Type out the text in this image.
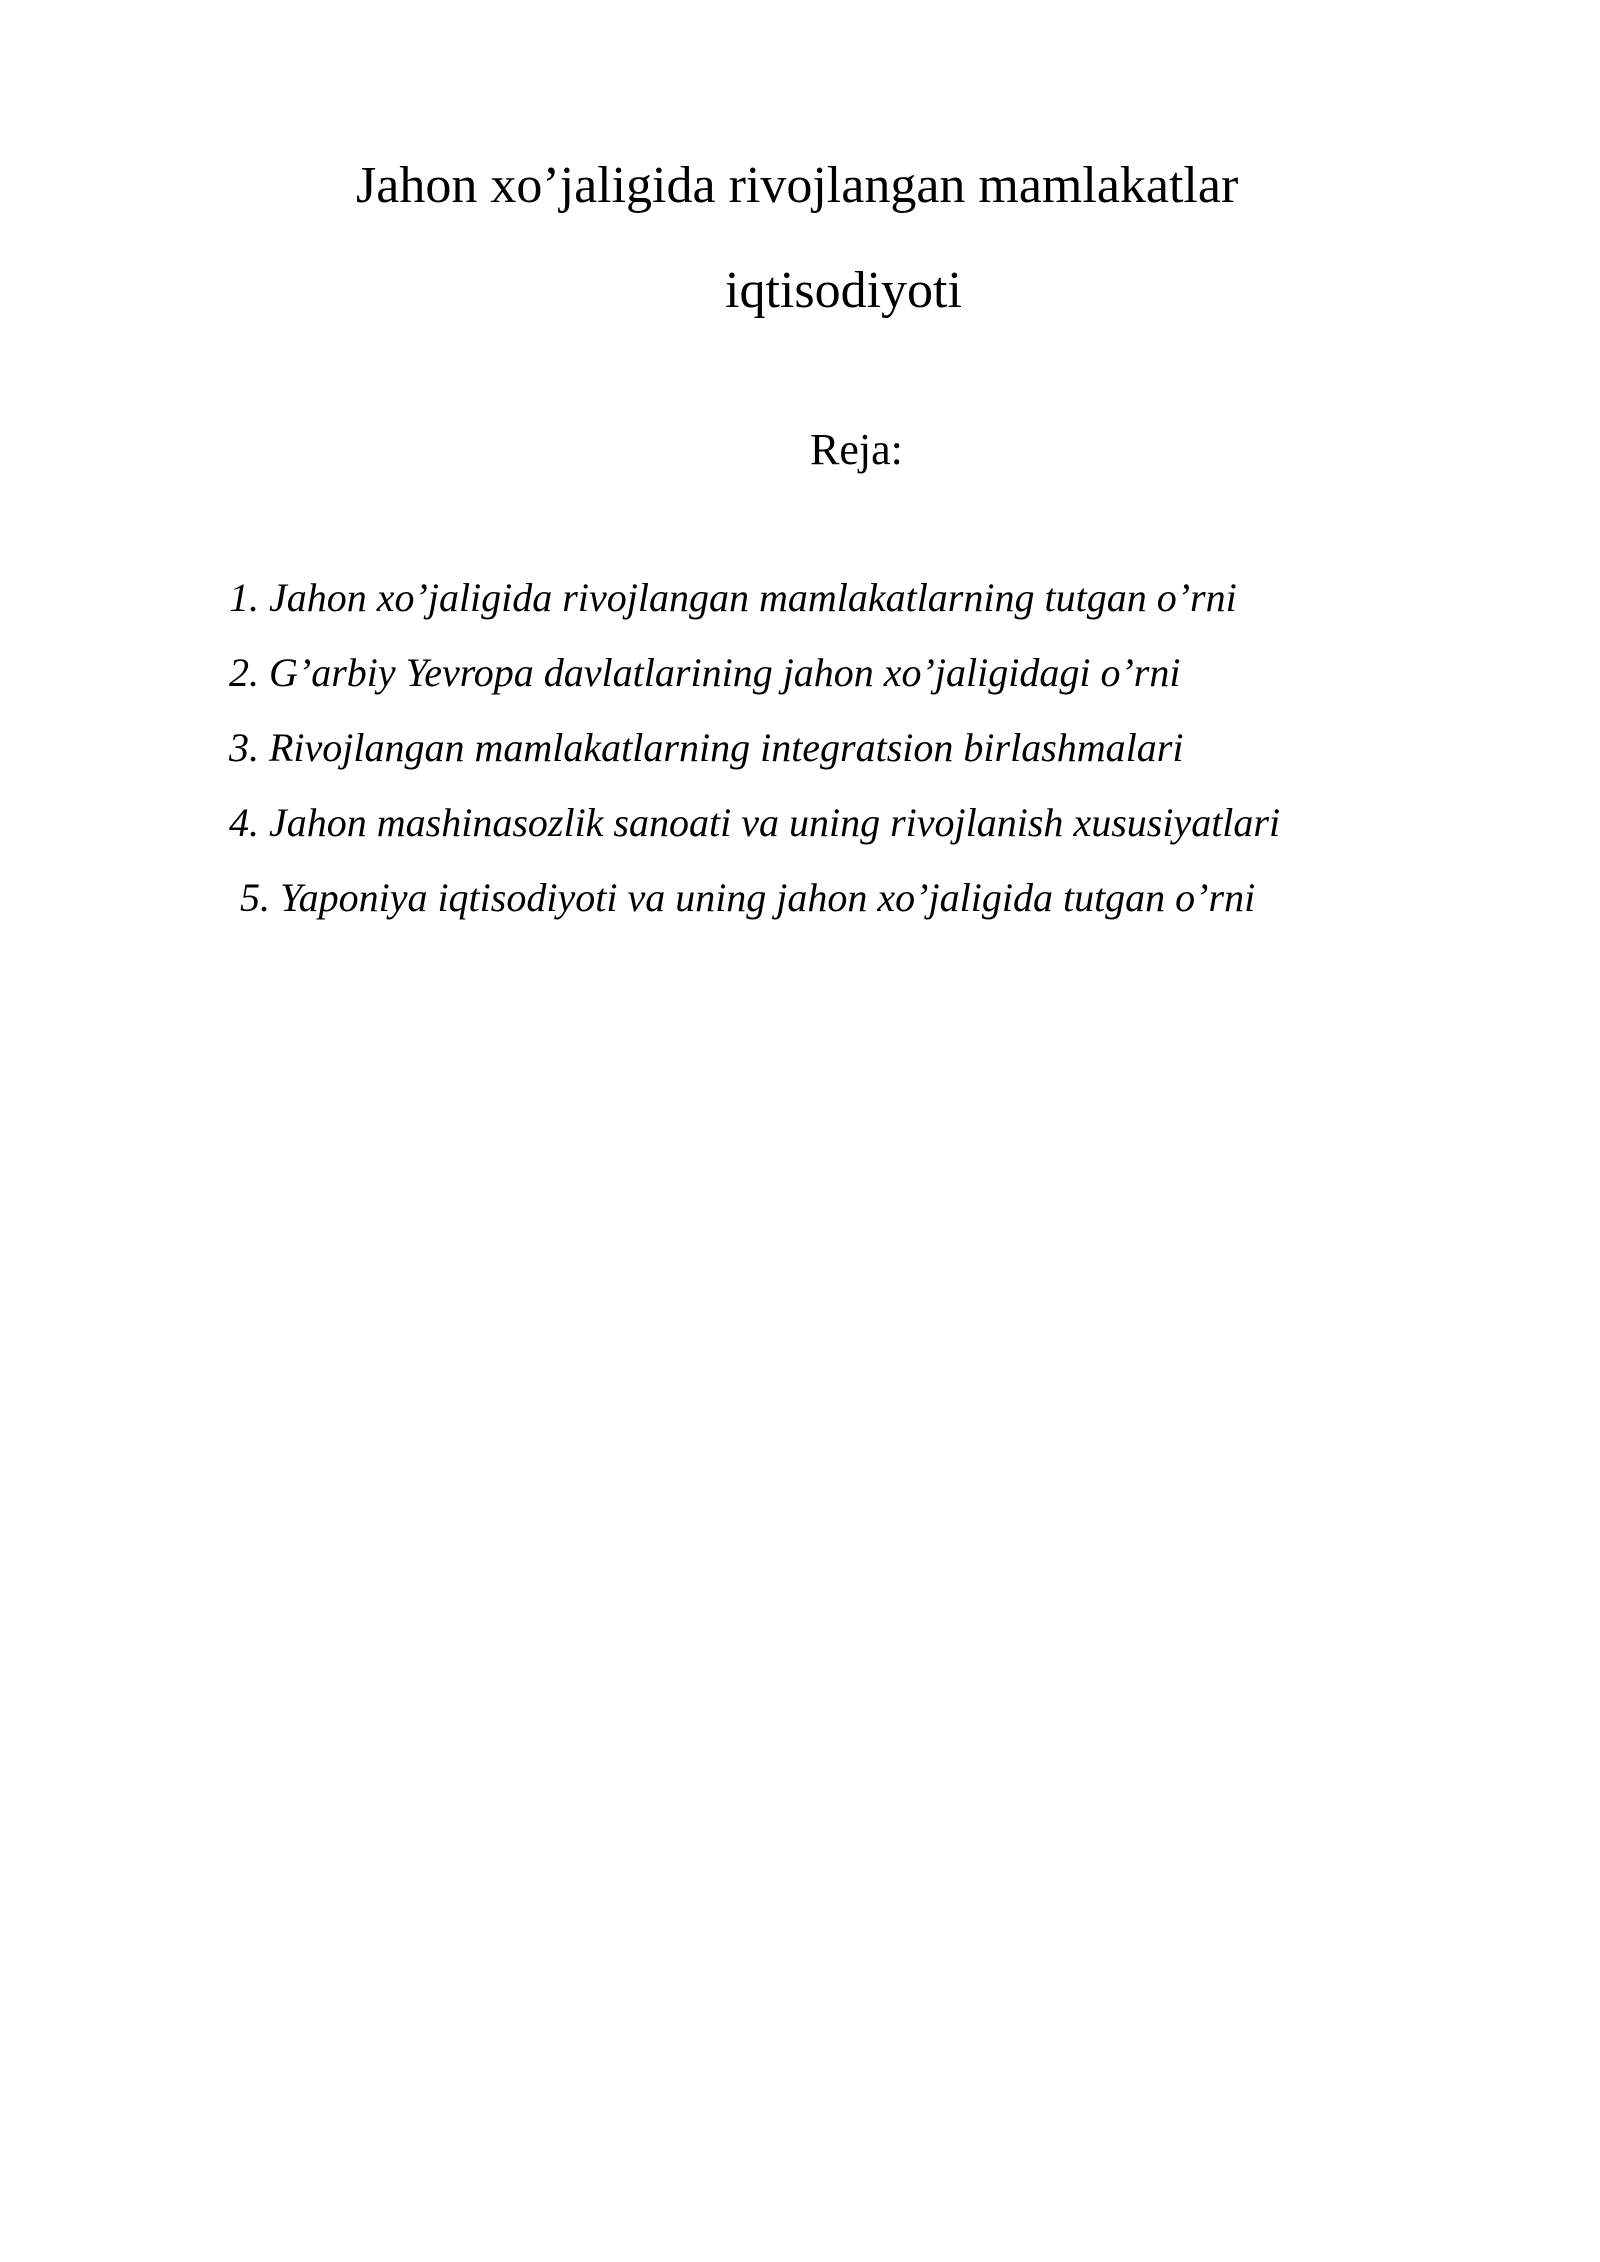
Jahon xo’jaligida rivojlangan mamlakatlar
iqtisodiyoti
Reja:
1. Jahon xo’jaligida rivojlangan mamlakatlarning tutgan o’rni
2. G’arbiy Yevropa davlatlarining jahon xo’jaligidagi o’rni
3. Rivojlangan mamlakatlarning integratsion birlashmalari
4. Jahon mashinasozlik sanoati va uning rivojlanish xususiyatlari
5. Yaponiya iqtisodiyoti va uning jahon xo’jaligida tutgan o’rni
